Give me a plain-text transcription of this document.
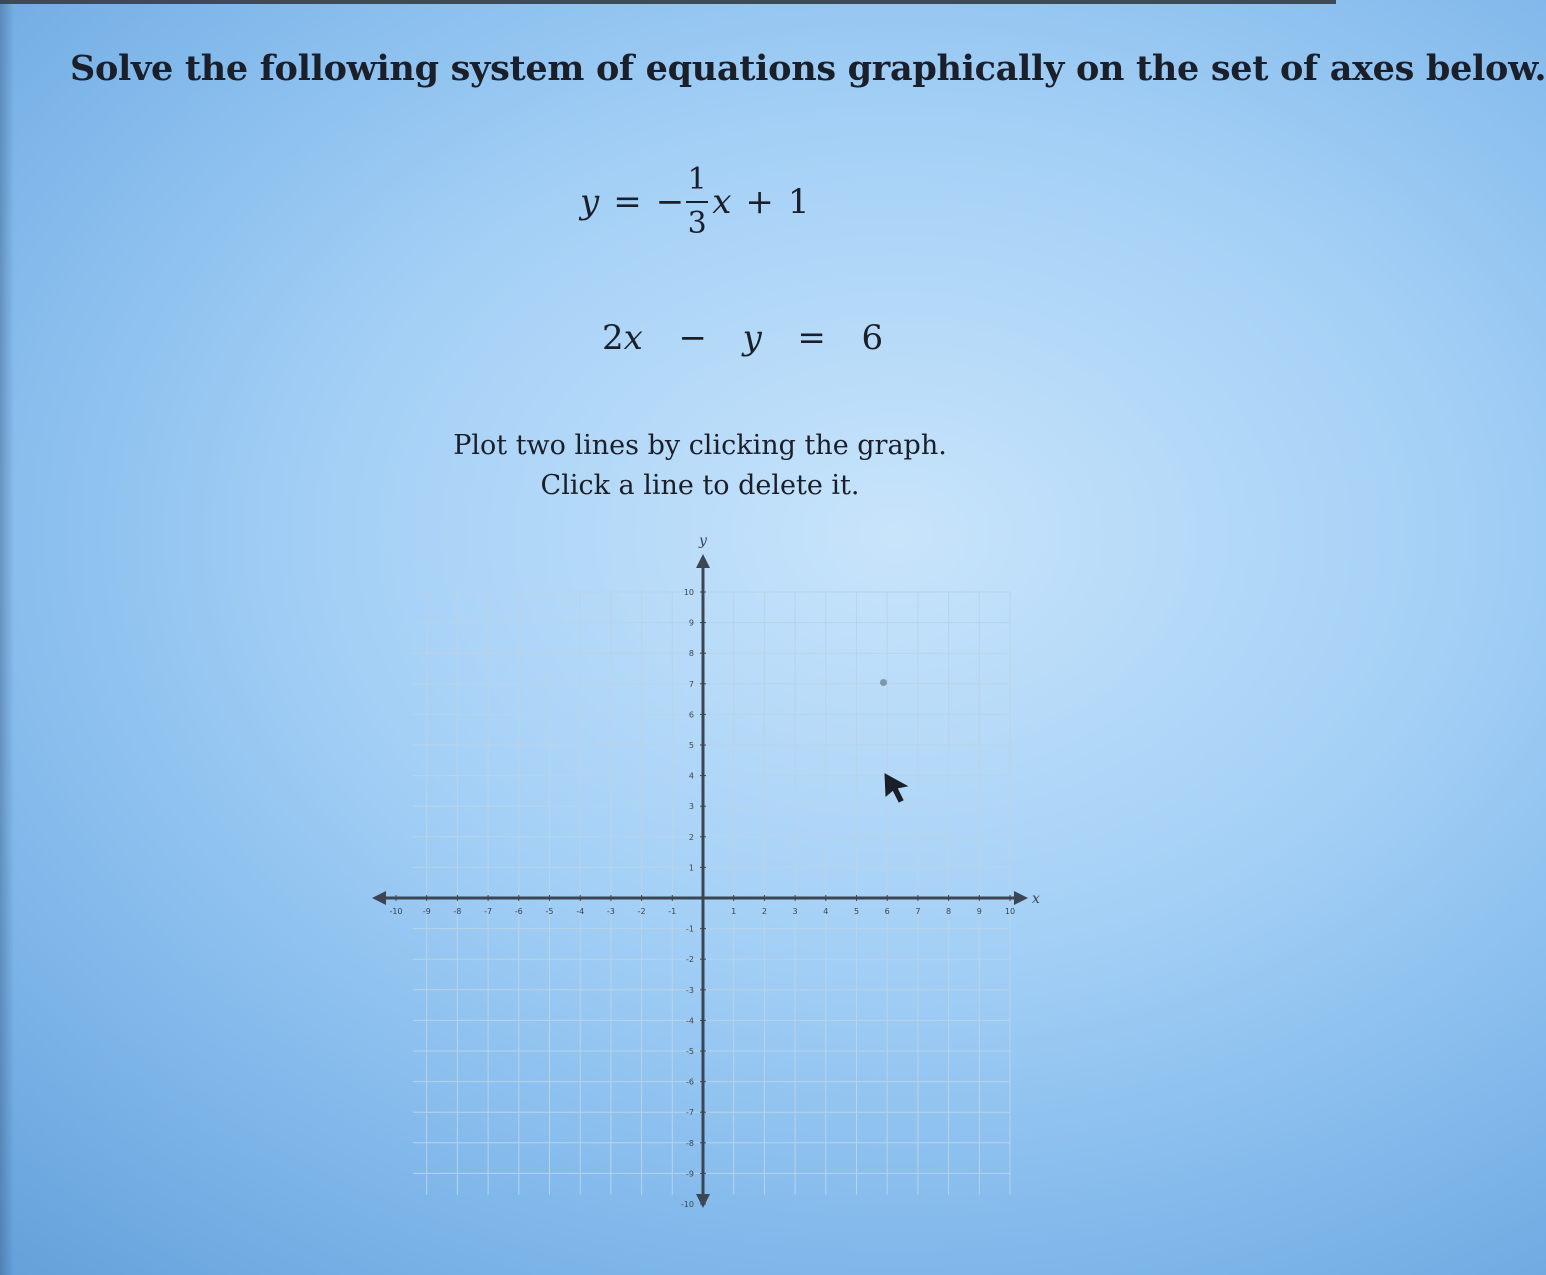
Solve the following system of equations graphically on the set of axes below.
y = − $\frac{1}{3}$ x + 1
2x − y = 6
Plot two lines by clicking the graph.
Click a line to delete it.
-10	-9	-8	-7	-6	-5	-4	-3	-2	-1	1	2	3	4	5	6	7	8	9	10
10
9
8
7
6
5
4
3
2
1
-1
-2
-3
-4
-5
-6
-7
-8
-9
-10
x
y
